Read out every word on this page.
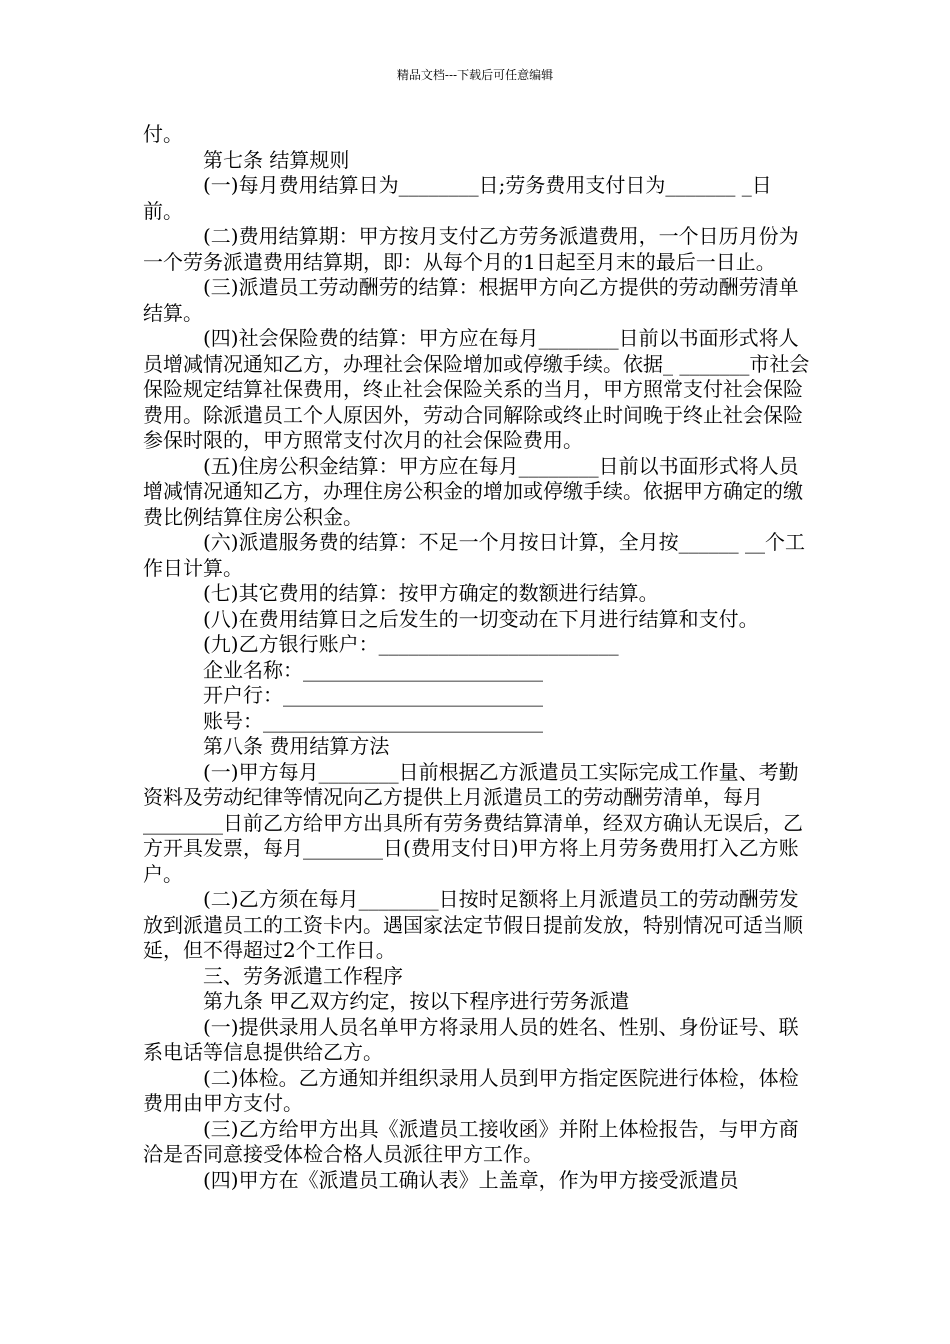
精品文档---下载后可任意编辑

付。

第七条 结算规则

(一)每月费用结算日为________日;劳务费用支付日为_______ _日前。

(二)费用结算期：甲方按月支付乙方劳务派遣费用，一个日历月份为一个劳务派遣费用结算期，即：从每个月的1日起至月末的最后一日止。

(三)派遣员工劳动酬劳的结算：根据甲方向乙方提供的劳动酬劳清单结算。

(四)社会保险费的结算：甲方应在每月________日前以书面形式将人员增减情况通知乙方，办理社会保险增加或停缴手续。依据_ _______市社会保险规定结算社保费用，终止社会保险关系的当月，甲方照常支付社会保险费用。除派遣员工个人原因外，劳动合同解除或终止时间晚于终止社会保险参保时限的，甲方照常支付次月的社会保险费用。

(五)住房公积金结算：甲方应在每月________日前以书面形式将人员增减情况通知乙方，办理住房公积金的增加或停缴手续。依据甲方确定的缴费比例结算住房公积金。

(六)派遣服务费的结算：不足一个月按日计算，全月按______ __个工作日计算。

(七)其它费用的结算：按甲方确定的数额进行结算。

(八)在费用结算日之后发生的一切变动在下月进行结算和支付。

(九)乙方银行账户：________________________

企业名称：________________________

开户行：__________________________

账号：____________________________

第八条 费用结算方法

(一)甲方每月________日前根据乙方派遣员工实际完成工作量、考勤资料及劳动纪律等情况向乙方提供上月派遣员工的劳动酬劳清单，每月________日前乙方给甲方出具所有劳务费结算清单，经双方确认无误后，乙方开具发票，每月________日(费用支付日)甲方将上月劳务费用打入乙方账户。

(二)乙方须在每月________日按时足额将上月派遣员工的劳动酬劳发放到派遣员工的工资卡内。遇国家法定节假日提前发放，特别情况可适当顺延，但不得超过2个工作日。

三、劳务派遣工作程序

第九条 甲乙双方约定，按以下程序进行劳务派遣

(一)提供录用人员名单甲方将录用人员的姓名、性别、身份证号、联系电话等信息提供给乙方。

(二)体检。乙方通知并组织录用人员到甲方指定医院进行体检，体检费用由甲方支付。

(三)乙方给甲方出具《派遣员工接收函》并附上体检报告，与甲方商洽是否同意接受体检合格人员派往甲方工作。

(四)甲方在《派遣员工确认表》上盖章，作为甲方接受派遣员
